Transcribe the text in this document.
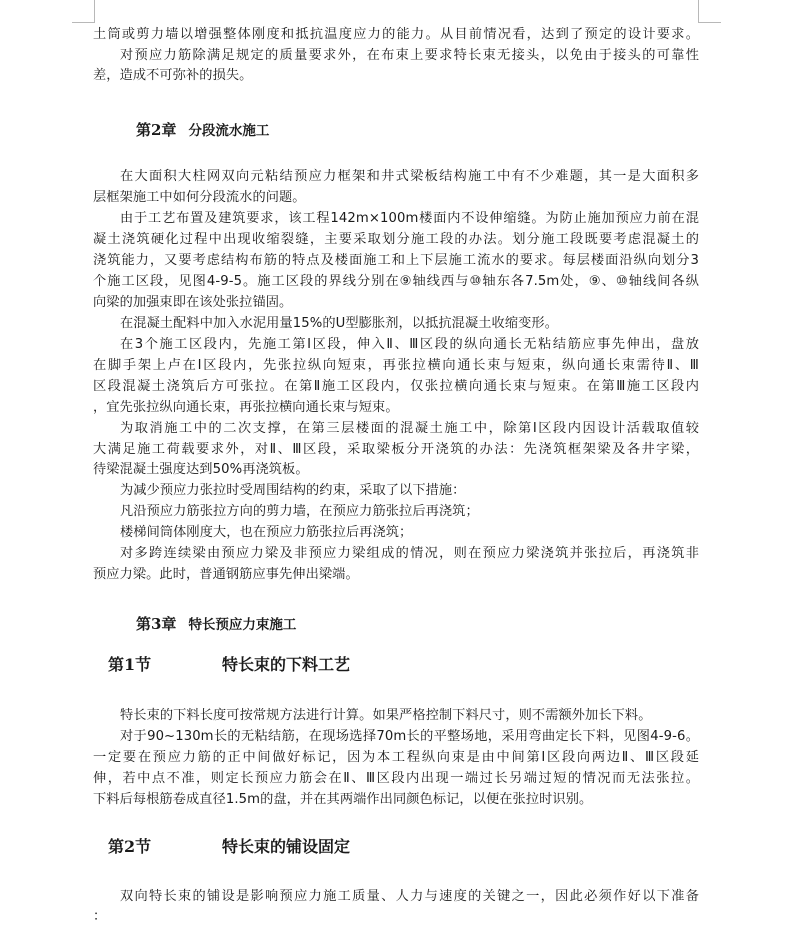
土筒或剪力墙以增强整体刚度和抵抗温度应力的能力。从目前情况看，达到了预定的设计要求。
对预应力筋除满足规定的质量要求外，在布束上要求特长束无接头，以免由于接头的可靠性
差，造成不可弥补的损失。
第2章 分段流水施工
在大面积大柱网双向元粘结预应力框架和井式梁板结构施工中有不少难题，其一是大面积多
层框架施工中如何分段流水的问题。
由于工艺布置及建筑要求，该工程142m×100m楼面内不设伸缩缝。为防止施加预应力前在混
凝土浇筑硬化过程中出现收缩裂缝，主要采取划分施工段的办法。划分施工段既要考虑混凝土的
浇筑能力，又要考虑结构布筋的特点及楼面施工和上下层施工流水的要求。每层楼面沿纵向划分3
个施工区段，见图4-9-5。施工区段的界线分别在⑨轴线西与⑩轴东各7.5m处，⑨、⑩轴线间各纵
向梁的加强束即在该处张拉锚固。
在混凝土配料中加入水泥用量15%的U型膨胀剂，以抵抗混凝土收缩变形。
在3个施工区段内，先施工第Ⅰ区段，伸入Ⅱ、Ⅲ区段的纵向通长无粘结筋应事先伸出，盘放
在脚手架上卢在Ⅰ区段内，先张拉纵向短束，再张拉横向通长束与短束，纵向通长束需待Ⅱ、Ⅲ
区段混凝土浇筑后方可张拉。在第Ⅱ施工区段内，仅张拉横向通长束与短束。在第Ⅲ施工区段内
，宜先张拉纵向通长束，再张拉横向通长束与短束。
为取消施工中的二次支撑，在第三层楼面的混凝土施工中，除第Ⅰ区段内因设计活载取值较
大满足施工荷载要求外，对Ⅱ、Ⅲ区段，采取梁板分开浇筑的办法：先浇筑框架梁及各井字梁，
待梁混凝土强度达到50%再浇筑板。
为减少预应力张拉时受周围结构的约束，采取了以下措施：
凡沿预应力筋张拉方向的剪力墙，在预应力筋张拉后再浇筑；
楼梯间筒体刚度大，也在预应力筋张拉后再浇筑；
对多跨连续梁由预应力梁及非预应力梁组成的情况，则在预应力梁浇筑并张拉后，再浇筑非
预应力梁。此时，普通钢筋应事先伸出梁端。
第3章 特长预应力束施工
第1节	特长束的下料工艺
特长束的下料长度可按常规方法进行计算。如果严格控制下料尺寸，则不需额外加长下料。
对于90~130m长的无粘结筋，在现场选择70m长的平整场地，采用弯曲定长下料，见图4-9-6。
一定要在预应力筋的正中间做好标记，因为本工程纵向束是由中间第Ⅰ区段向两边Ⅱ、Ⅲ区段延
伸，若中点不准，则定长预应力筋会在Ⅱ、Ⅲ区段内出现一端过长另端过短的情况而无法张拉。
下料后每根筋卷成直径1.5m的盘，并在其两端作出同颜色标记，以便在张拉时识别。
第2节	特长束的铺设固定
双向特长束的铺设是影响预应力施工质量、人力与速度的关键之一，因此必须作好以下准备
：
